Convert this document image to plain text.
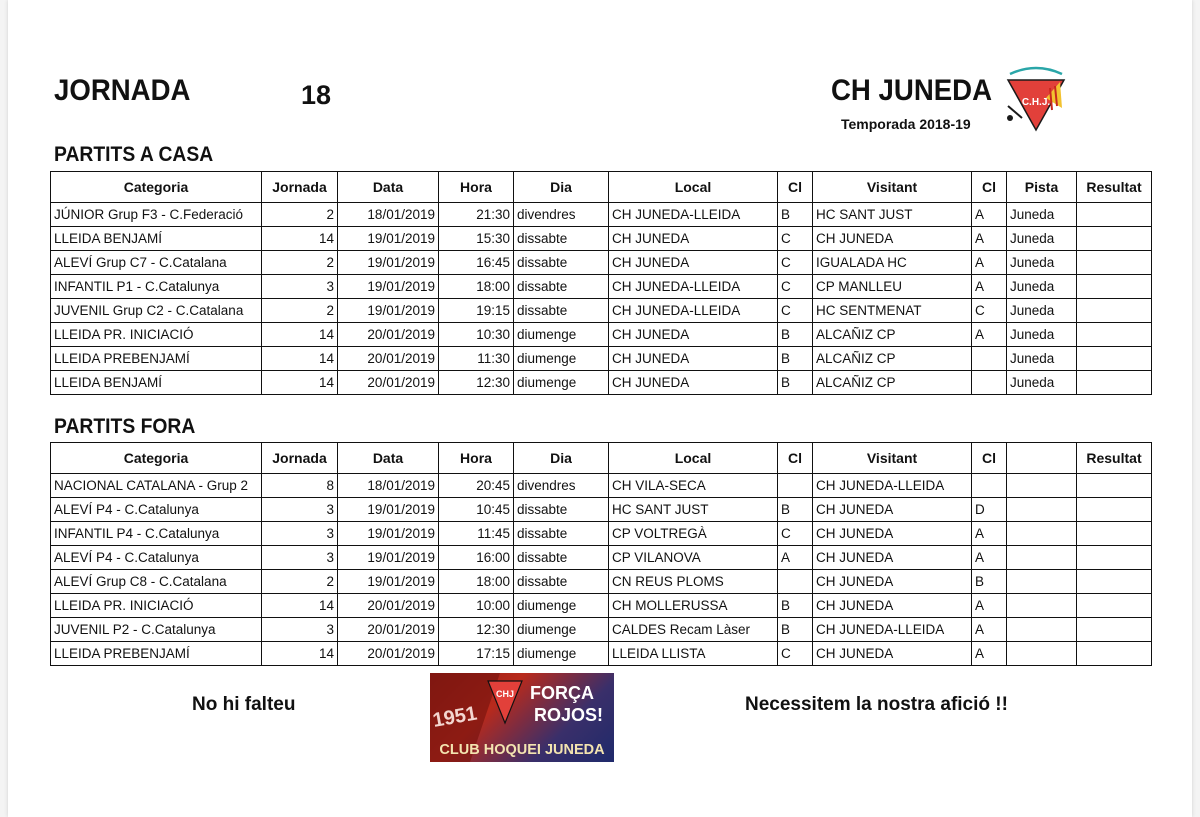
JORNADA	18	CH JUNEDA
Temporada 2018-19
C.H.J.
PARTITS A CASA
Categoria	Jornada	Data	Hora	Dia	Local	Cl	Visitant	Cl	Pista	Resultat
JÚNIOR Grup F3 - C.Federació	2	18/01/2019	21:30	divendres	CH JUNEDA-LLEIDA	B	HC SANT JUST	A	Juneda	
LLEIDA BENJAMÍ	14	19/01/2019	15:30	dissabte	CH JUNEDA	C	CH JUNEDA	A	Juneda	
ALEVÍ Grup C7 - C.Catalana	2	19/01/2019	16:45	dissabte	CH JUNEDA	C	IGUALADA HC	A	Juneda	
INFANTIL P1 - C.Catalunya	3	19/01/2019	18:00	dissabte	CH JUNEDA-LLEIDA	C	CP MANLLEU	A	Juneda	
JUVENIL Grup C2 - C.Catalana	2	19/01/2019	19:15	dissabte	CH JUNEDA-LLEIDA	C	HC SENTMENAT	C	Juneda	
LLEIDA PR. INICIACIÓ	14	20/01/2019	10:30	diumenge	CH JUNEDA	B	ALCAÑIZ CP	A	Juneda	
LLEIDA PREBENJAMÍ	14	20/01/2019	11:30	diumenge	CH JUNEDA	B	ALCAÑIZ CP		Juneda	
LLEIDA BENJAMÍ	14	20/01/2019	12:30	diumenge	CH JUNEDA	B	ALCAÑIZ CP		Juneda	
PARTITS FORA
Categoria	Jornada	Data	Hora	Dia	Local	Cl	Visitant	Cl		Resultat
NACIONAL CATALANA - Grup 2	8	18/01/2019	20:45	divendres	CH VILA-SECA		CH JUNEDA-LLEIDA			
ALEVÍ P4 - C.Catalunya	3	19/01/2019	10:45	dissabte	HC SANT JUST	B	CH JUNEDA	D		
INFANTIL P4 - C.Catalunya	3	19/01/2019	11:45	dissabte	CP VOLTREGÀ	C	CH JUNEDA	A		
ALEVÍ P4 - C.Catalunya	3	19/01/2019	16:00	dissabte	CP VILANOVA	A	CH JUNEDA	A		
ALEVÍ Grup C8 - C.Catalana	2	19/01/2019	18:00	dissabte	CN REUS PLOMS		CH JUNEDA	B		
LLEIDA PR. INICIACIÓ	14	20/01/2019	10:00	diumenge	CH MOLLERUSSA	B	CH JUNEDA	A		
JUVENIL P2 - C.Catalunya	3	20/01/2019	12:30	diumenge	CALDES Recam Làser	B	CH JUNEDA-LLEIDA	A		
LLEIDA PREBENJAMÍ	14	20/01/2019	17:15	diumenge	LLEIDA LLISTA	C	CH JUNEDA	A		
No hi falteu	Necessitem la nostra afició !!
CHJ
1951
FORÇA
ROJOS!
CLUB HOQUEI JUNEDA
